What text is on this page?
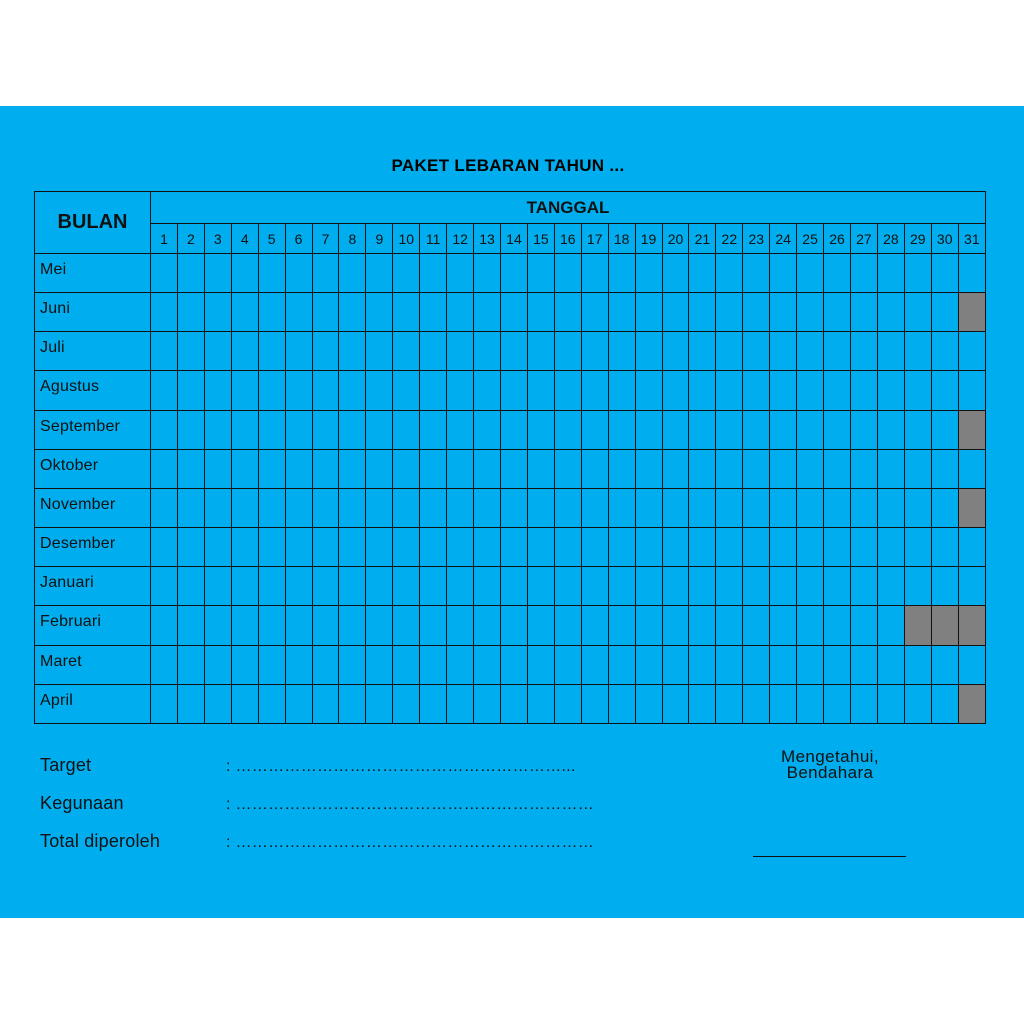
PAKET LEBARAN TAHUN ...
BULAN	TANGGAL																														
	1	2	3	4	5	6	7	8	9	10	11	12	13	14	15	16	17	18	19	20	21	22	23	24	25	26	27	28	29	30	31
Mei																															
Juni																															
Juli																															
Agustus																															
September																															
Oktober																															
November																															
Desember																															
Januari																															
Februari																															
Maret																															
April																															
Target	: ……………………………………………………...
Kegunaan	: …………………………………………………………
Total diperoleh	: …………………………………………………………
Mengetahui,
Bendahara
